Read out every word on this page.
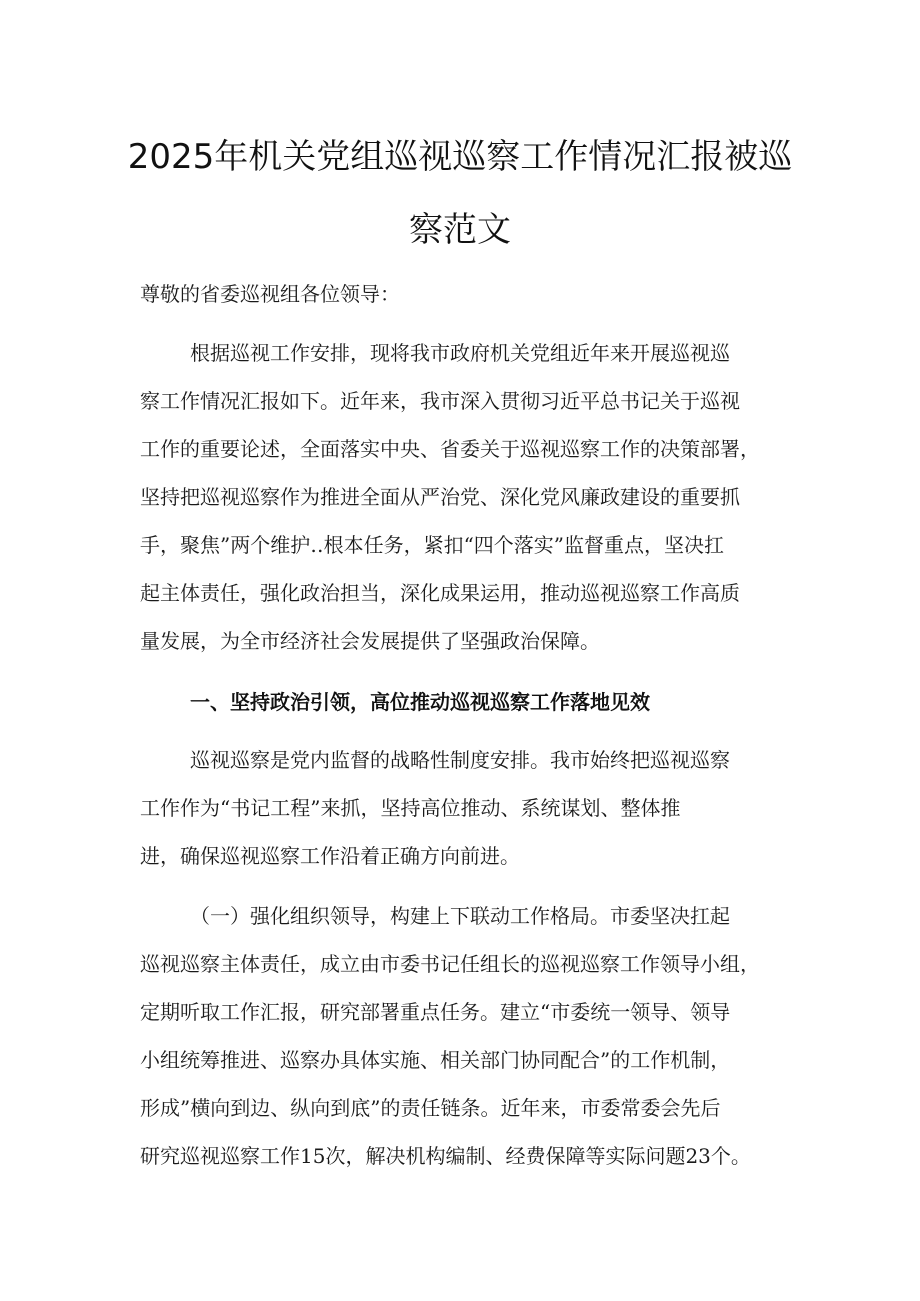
2025年机关党组巡视巡察工作情况汇报被巡
察范文
尊敬的省委巡视组各位领导：
根据巡视工作安排，现将我市政府机关党组近年来开展巡视巡
察工作情况汇报如下。近年来，我市深入贯彻习近平总书记关于巡视
工作的重要论述，全面落实中央、省委关于巡视巡察工作的决策部署，
坚持把巡视巡察作为推进全面从严治党、深化党风廉政建设的重要抓
手，聚焦”两个维护‥根本任务，紧扣“四个落实”监督重点，坚决扛
起主体责任，强化政治担当，深化成果运用，推动巡视巡察工作高质
量发展，为全市经济社会发展提供了坚强政治保障。
一、坚持政治引领，高位推动巡视巡察工作落地见效
巡视巡察是党内监督的战略性制度安排。我市始终把巡视巡察
工作作为“书记工程”来抓，坚持高位推动、系统谋划、整体推
进，确保巡视巡察工作沿着正确方向前进。
（一）强化组织领导，构建上下联动工作格局。市委坚决扛起
巡视巡察主体责任，成立由市委书记任组长的巡视巡察工作领导小组，
定期听取工作汇报，研究部署重点任务。建立“市委统一领导、领导
小组统筹推进、巡察办具体实施、相关部门协同配合”的工作机制，
形成”横向到边、纵向到底”的责任链条。近年来，市委常委会先后
研究巡视巡察工作15次，解决机构编制、经费保障等实际问题23个。
